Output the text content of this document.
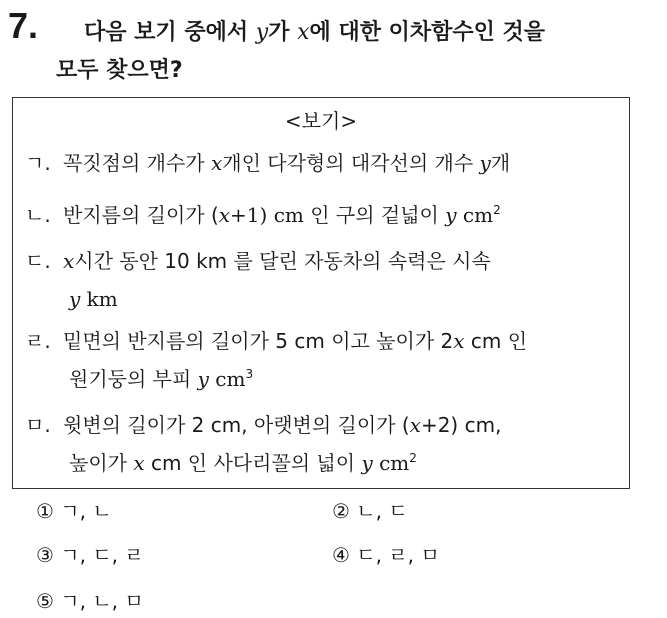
7. 다음 보기 중에서 y가 x에 대한 이차함수인 것을
모두 찾으면?
<보기>
ㄱ. 꼭짓점의 개수가 x개인 다각형의 대각선의 개수 y개
ㄴ. 반지름의 길이가 (x+1) cm 인 구의 겉넓이 y $cm^2$
ㄷ. x시간 동안 10 km 를 달린 자동차의 속력은 시속
y km
ㄹ. 밑면의 반지름의 길이가 5 cm 이고 높이가 2x cm 인
원기둥의 부피 y $cm^3$
ㅁ. 윗변의 길이가 2 cm, 아랫변의 길이가 (x+2) cm,
높이가 x cm 인 사다리꼴의 넓이 y $cm^2$
① ㄱ, ㄴ	② ㄴ, ㄷ
③ ㄱ, ㄷ, ㄹ	④ ㄷ, ㄹ, ㅁ
⑤ ㄱ, ㄴ, ㅁ
